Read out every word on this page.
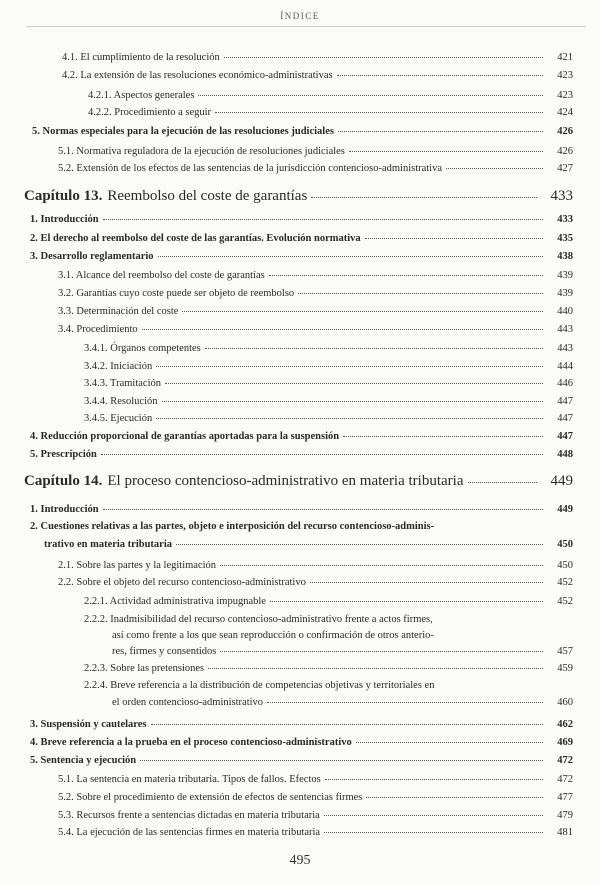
ÍNDICE
4.1. El cumplimiento de la resolución	421
4.2. La extensión de las resoluciones económico-administrativas	423
4.2.1. Aspectos generales	423
4.2.2. Procedimiento a seguir	424
5. Normas especiales para la ejecución de las resoluciones judiciales	426
5.1. Normativa reguladora de la ejecución de resoluciones judiciales	426
5.2. Extensión de los efectos de las sentencias de la jurisdicción contencioso-administrativa	427
Capítulo 13. Reembolso del coste de garantías	433
1. Introducción	433
2. El derecho al reembolso del coste de las garantías. Evolución normativa	435
3. Desarrollo reglamentario	438
3.1. Alcance del reembolso del coste de garantías	439
3.2. Garantías cuyo coste puede ser objeto de reembolso	439
3.3. Determinación del coste	440
3.4. Procedimiento	443
3.4.1. Órganos competentes	443
3.4.2. Iniciación	444
3.4.3. Tramitación	446
3.4.4. Resolución	447
3.4.5. Ejecución	447
4. Reducción proporcional de garantías aportadas para la suspensión	447
5. Prescripción	448
Capítulo 14. El proceso contencioso-administrativo en materia tributaria	449
1. Introducción	449
2. Cuestiones relativas a las partes, objeto e interposición del recurso contencioso-adminis-
trativo en materia tributaria	450
2.1. Sobre las partes y la legitimación	450
2.2. Sobre el objeto del recurso contencioso-administrativo	452
2.2.1. Actividad administrativa impugnable	452
2.2.2. Inadmisibilidad del recurso contencioso-administrativo frente a actos firmes,
así como frente a los que sean reproducción o confirmación de otros anterio-
res, firmes y consentidos	457
2.2.3. Sobre las pretensiones	459
2.2.4. Breve referencia a la distribución de competencias objetivas y territoriales en
el orden contencioso-administrativo	460
3. Suspensión y cautelares	462
4. Breve referencia a la prueba en el proceso contencioso-administrativo	469
5. Sentencia y ejecución	472
5.1. La sentencia en materia tributaria. Tipos de fallos. Efectos	472
5.2. Sobre el procedimiento de extensión de efectos de sentencias firmes	477
5.3. Recursos frente a sentencias dictadas en materia tributaria	479
5.4. La ejecución de las sentencias firmes en materia tributaria	481
495
